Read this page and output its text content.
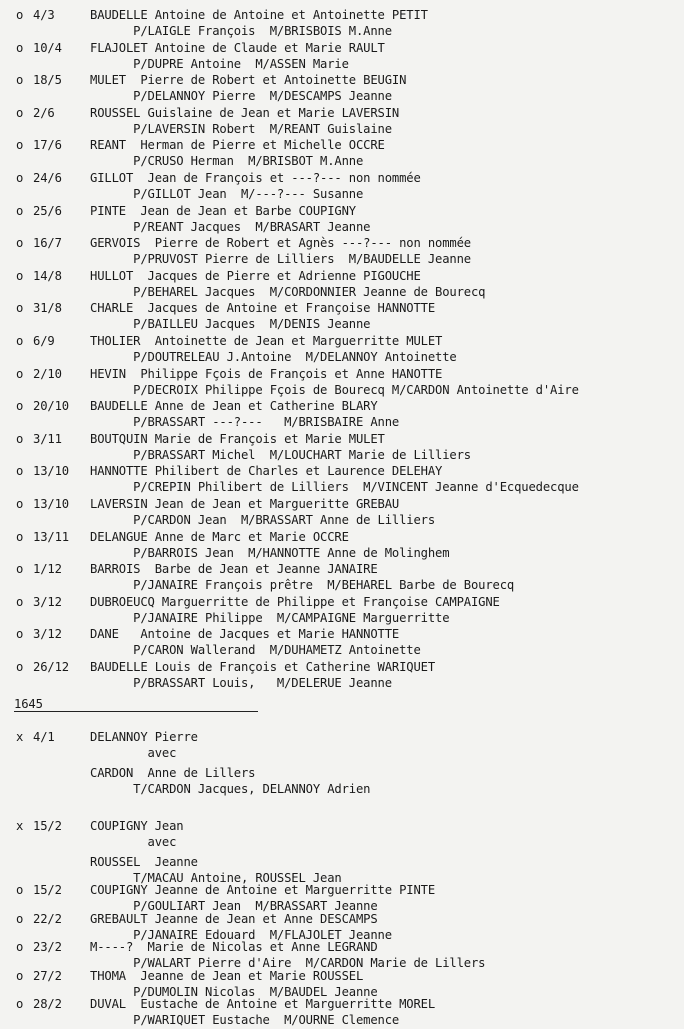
o 4/3	BAUDELLE Antoine de Antoine et Antoinette PETIT
P/LAIGLE François  M/BRISBOIS M.Anne
o 10/4 FLAJOLET Antoine de Claude et Marie RAULT
P/DUPRE Antoine  M/ASSEN Marie
o 18/5 MULET  Pierre de Robert et Antoinette BEUGIN
P/DELANNOY Pierre  M/DESCAMPS Jeanne
o 2/6	ROUSSEL Guislaine de Jean et Marie LAVERSIN
P/LAVERSIN Robert  M/REANT Guislaine
o 17/6 REANT  Herman de Pierre et Michelle OCCRE
P/CRUSO Herman  M/BRISBOT M.Anne
o 24/6 GILLOT  Jean de François et ---?--- non nommée
P/GILLOT Jean  M/---?--- Susanne
o 25/6 PINTE  Jean de Jean et Barbe COUPIGNY
P/REANT Jacques  M/BRASART Jeanne
o 16/7 GERVOIS  Pierre de Robert et Agnès ---?--- non nommée
P/PRUVOST Pierre de Lilliers  M/BAUDELLE Jeanne
o 14/8 HULLOT  Jacques de Pierre et Adrienne PIGOUCHE
P/BEHAREL Jacques  M/CORDONNIER Jeanne de Bourecq
o 31/8 CHARLE  Jacques de Antoine et Françoise HANNOTTE
P/BAILLEU Jacques  M/DENIS Jeanne
o 6/9	THOLIER  Antoinette de Jean et Marguerritte MULET
P/DOUTRELEAU J.Antoine  M/DELANNOY Antoinette
o 2/10 HEVIN  Philippe Fçois de François et Anne HANOTTE
P/DECROIX Philippe Fçois de Bourecq M/CARDON Antoinette d'Aire
o 20/10 BAUDELLE Anne de Jean et Catherine BLARY
P/BRASSART ---?---   M/BRISBAIRE Anne
o 3/11 BOUTQUIN Marie de François et Marie MULET
P/BRASSART Michel  M/LOUCHART Marie de Lilliers
o 13/10 HANNOTTE Philibert de Charles et Laurence DELEHAY
P/CREPIN Philibert de Lilliers  M/VINCENT Jeanne d'Ecquedecque
o 13/10 LAVERSIN Jean de Jean et Margueritte GREBAU
P/CARDON Jean  M/BRASSART Anne de Lilliers
o 13/11 DELANGUE Anne de Marc et Marie OCCRE
P/BARROIS Jean  M/HANNOTTE Anne de Molinghem
o 1/12 BARROIS  Barbe de Jean et Jeanne JANAIRE
P/JANAIRE François prêtre  M/BEHAREL Barbe de Bourecq
o 3/12 DUBROEUCQ Marguerritte de Philippe et Françoise CAMPAIGNE
P/JANAIRE Philippe  M/CAMPAIGNE Marguerritte
o 3/12 DANE   Antoine de Jacques et Marie HANNOTTE
P/CARON Wallerand  M/DUHAMETZ Antoinette
o 26/12 BAUDELLE Louis de François et Catherine WARIQUET
P/BRASSART Louis,   M/DELERUE Jeanne
1645
x 4/1	DELANNOY Pierre
avec
CARDON  Anne de Lillers
T/CARDON Jacques, DELANNOY Adrien
x 15/2 COUPIGNY Jean
avec
ROUSSEL  Jeanne
T/MACAU Antoine, ROUSSEL Jean
o 15/2 COUPIGNY Jeanne de Antoine et Marguerritte PINTE
P/GOULIART Jean  M/BRASSART Jeanne
o 22/2 GREBAULT Jeanne de Jean et Anne DESCAMPS
P/JANAIRE Edouard  M/FLAJOLET Jeanne
o 23/2 M----?  Marie de Nicolas et Anne LEGRAND
P/WALART Pierre d'Aire  M/CARDON Marie de Lillers
o 27/2 THOMA  Jeanne de Jean et Marie ROUSSEL
P/DUMOLIN Nicolas  M/BAUDEL Jeanne
o 28/2 DUVAL  Eustache de Antoine et Marguerritte MOREL
P/WARIQUET Eustache  M/OURNE Clemence
